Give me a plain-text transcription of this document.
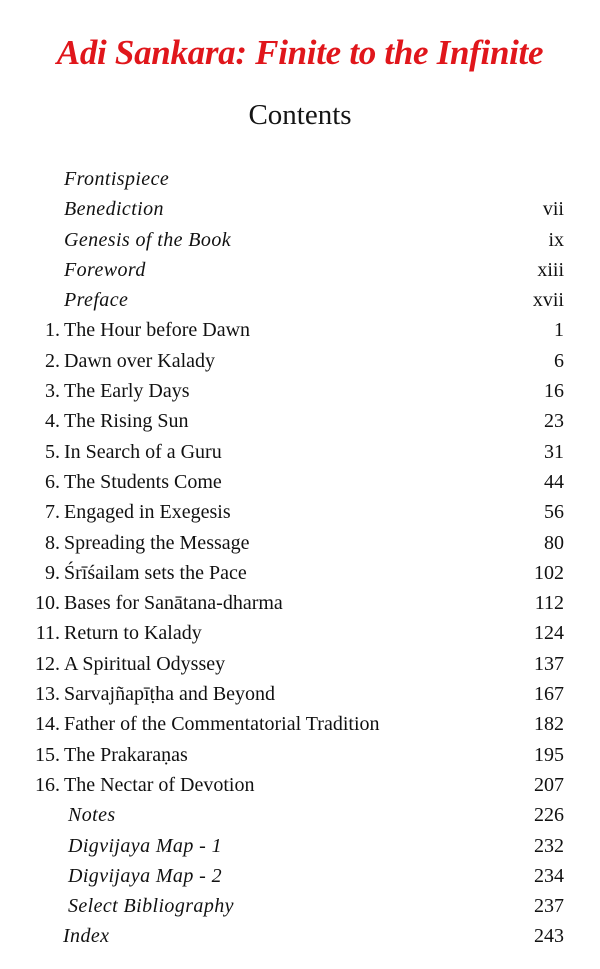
Adi Sankara: Finite to the Infinite
Contents
Frontispiece
Benediction	vii
Genesis of the Book	ix
Foreword	xiii
Preface	xvii
1. The Hour before Dawn	1
2. Dawn over Kalady	6
3. The Early Days	16
4. The Rising Sun	23
5. In Search of a Guru	31
6. The Students Come	44
7. Engaged in Exegesis	56
8. Spreading the Message	80
9. Śrīśailam sets the Pace	102
10. Bases for Sanātana-dharma	112
11. Return to Kalady	124
12. A Spiritual Odyssey	137
13. Sarvajñapīṭha and Beyond	167
14. Father of the Commentatorial Tradition	182
15. The Prakaraṇas	195
16. The Nectar of Devotion	207
Notes	226
Digvijaya Map - 1	232
Digvijaya Map - 2	234
Select Bibliography	237
Index	243
